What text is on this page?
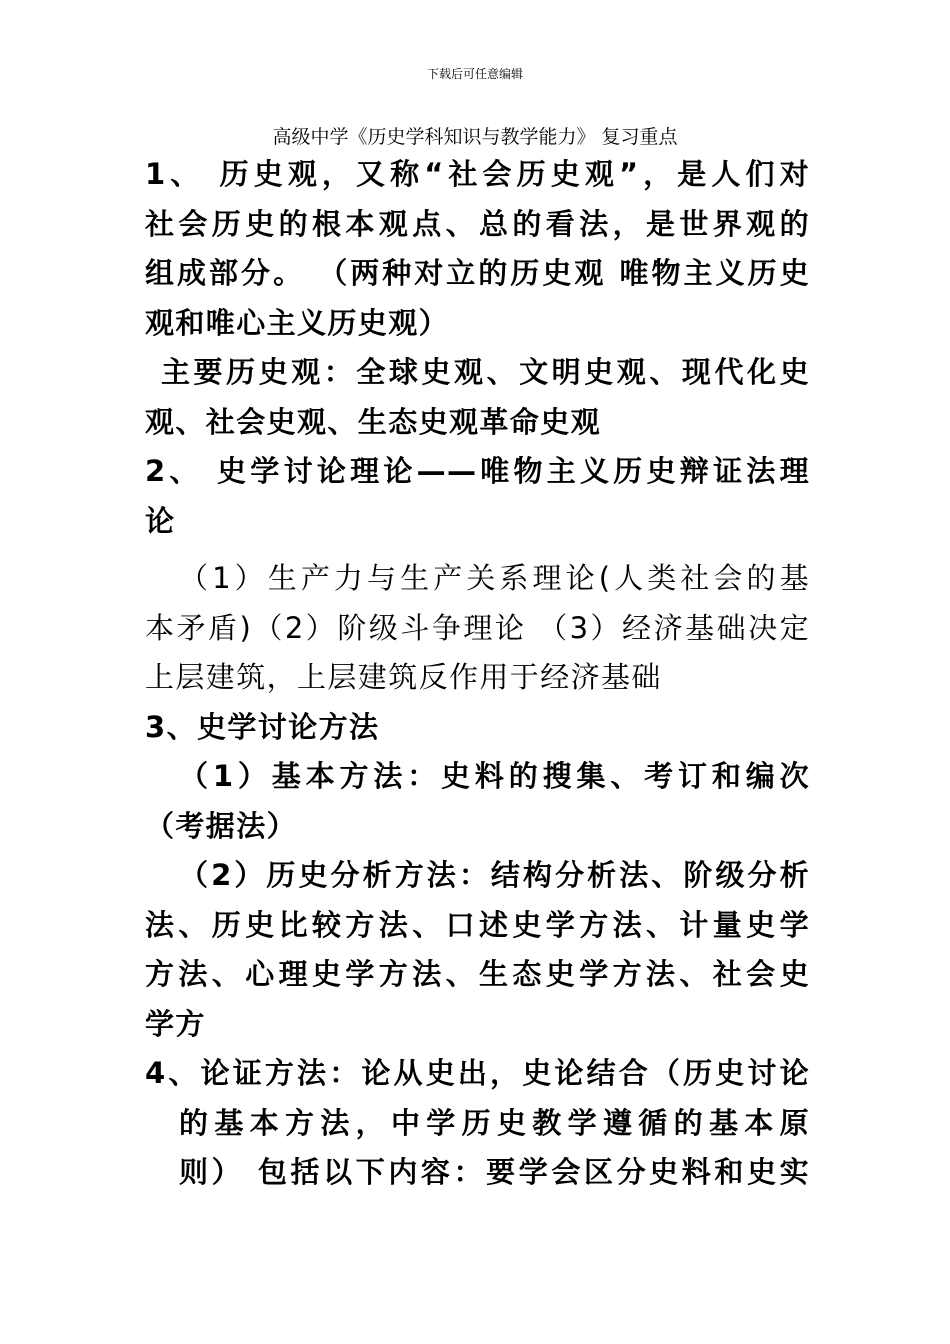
下载后可任意编辑
高级中学《历史学科知识与教学能力》 复习重点
1、 历史观，又称“社会历史观”，是人们对
社会历史的根本观点、总的看法，是世界观的
组成部分。 （两种对立的历史观 唯物主义历史
观和唯心主义历史观）
主要历史观：全球史观、文明史观、现代化史
观、社会史观、生态史观革命史观
2、 史学讨论理论——唯物主义历史辩证法理
论
（1）生产力与生产关系理论(人类社会的基
本矛盾)（2）阶级斗争理论 （3）经济基础决定
上层建筑，上层建筑反作用于经济基础
3、史学讨论方法
（1）基本方法：史料的搜集、考订和编次
（考据法）
（2）历史分析方法：结构分析法、阶级分析
法、历史比较方法、口述史学方法、计量史学
方法、心理史学方法、生态史学方法、社会史
学方
4、论证方法：论从史出，史论结合（历史讨论
的基本方法，中学历史教学遵循的基本原
则） 包括以下内容：要学会区分史料和史实
